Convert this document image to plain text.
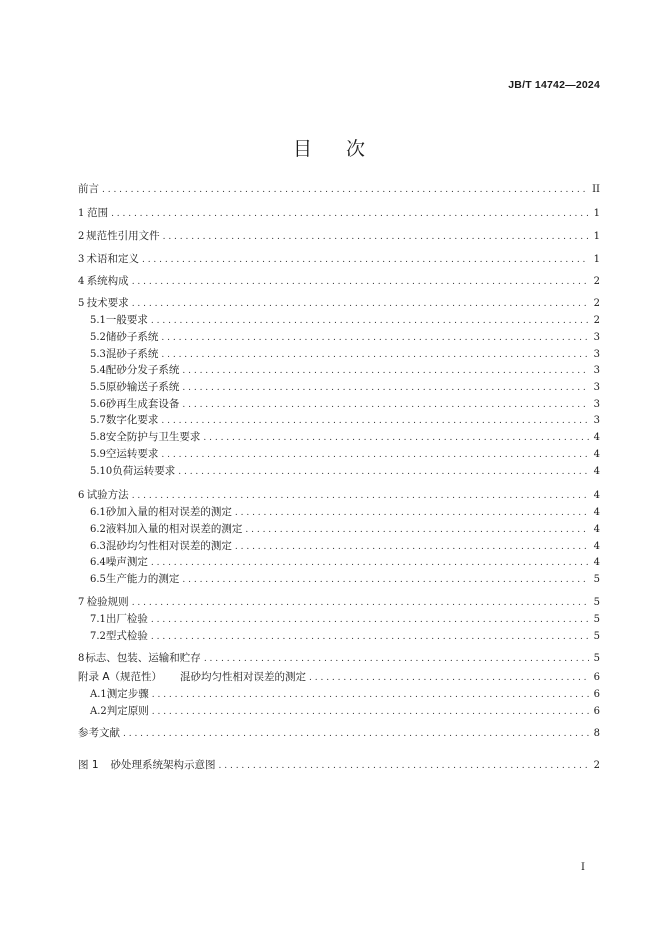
JB/T 14742—2024
目 次
前言 . . .	II
1 范围 . . .	1
2 规范性引用文件 . . .	1
3 术语和定义 . . .	1
4 系统构成 . . .	2
5 技术要求 . . .	2
5.1 一般要求 . . .	2
5.2 储砂子系统 . . .	3
5.3 混砂子系统 . . .	3
5.4 配砂分发子系统 . . .	3
5.5 原砂输送子系统 . . .	3
5.6 砂再生成套设备 . . .	3
5.7 数字化要求 . . .	3
5.8 安全防护与卫生要求 . . .	4
5.9 空运转要求 . . .	4
5.10 负荷运转要求 . . .	4
6 试验方法 . . .	4
6.1 砂加入量的相对误差的测定 . . .	4
6.2 液料加入量的相对误差的测定 . . .	4
6.3 混砂均匀性相对误差的测定 . . .	4
6.4 噪声测定 . . .	4
6.5 生产能力的测定 . . .	5
7 检验规则 . . .	5
7.1 出厂检验 . . .	5
7.2 型式检验 . . .	5
8 标志、包装、运输和贮存 . . .	5
附录 A（规范性） 混砂均匀性相对误差的测定 . . .	6
A.1 测定步骤 . . .	6
A.2 判定原则 . . .	6
参考文献 . . .	8
图 1 砂处理系统架构示意图 . . .	2
I
